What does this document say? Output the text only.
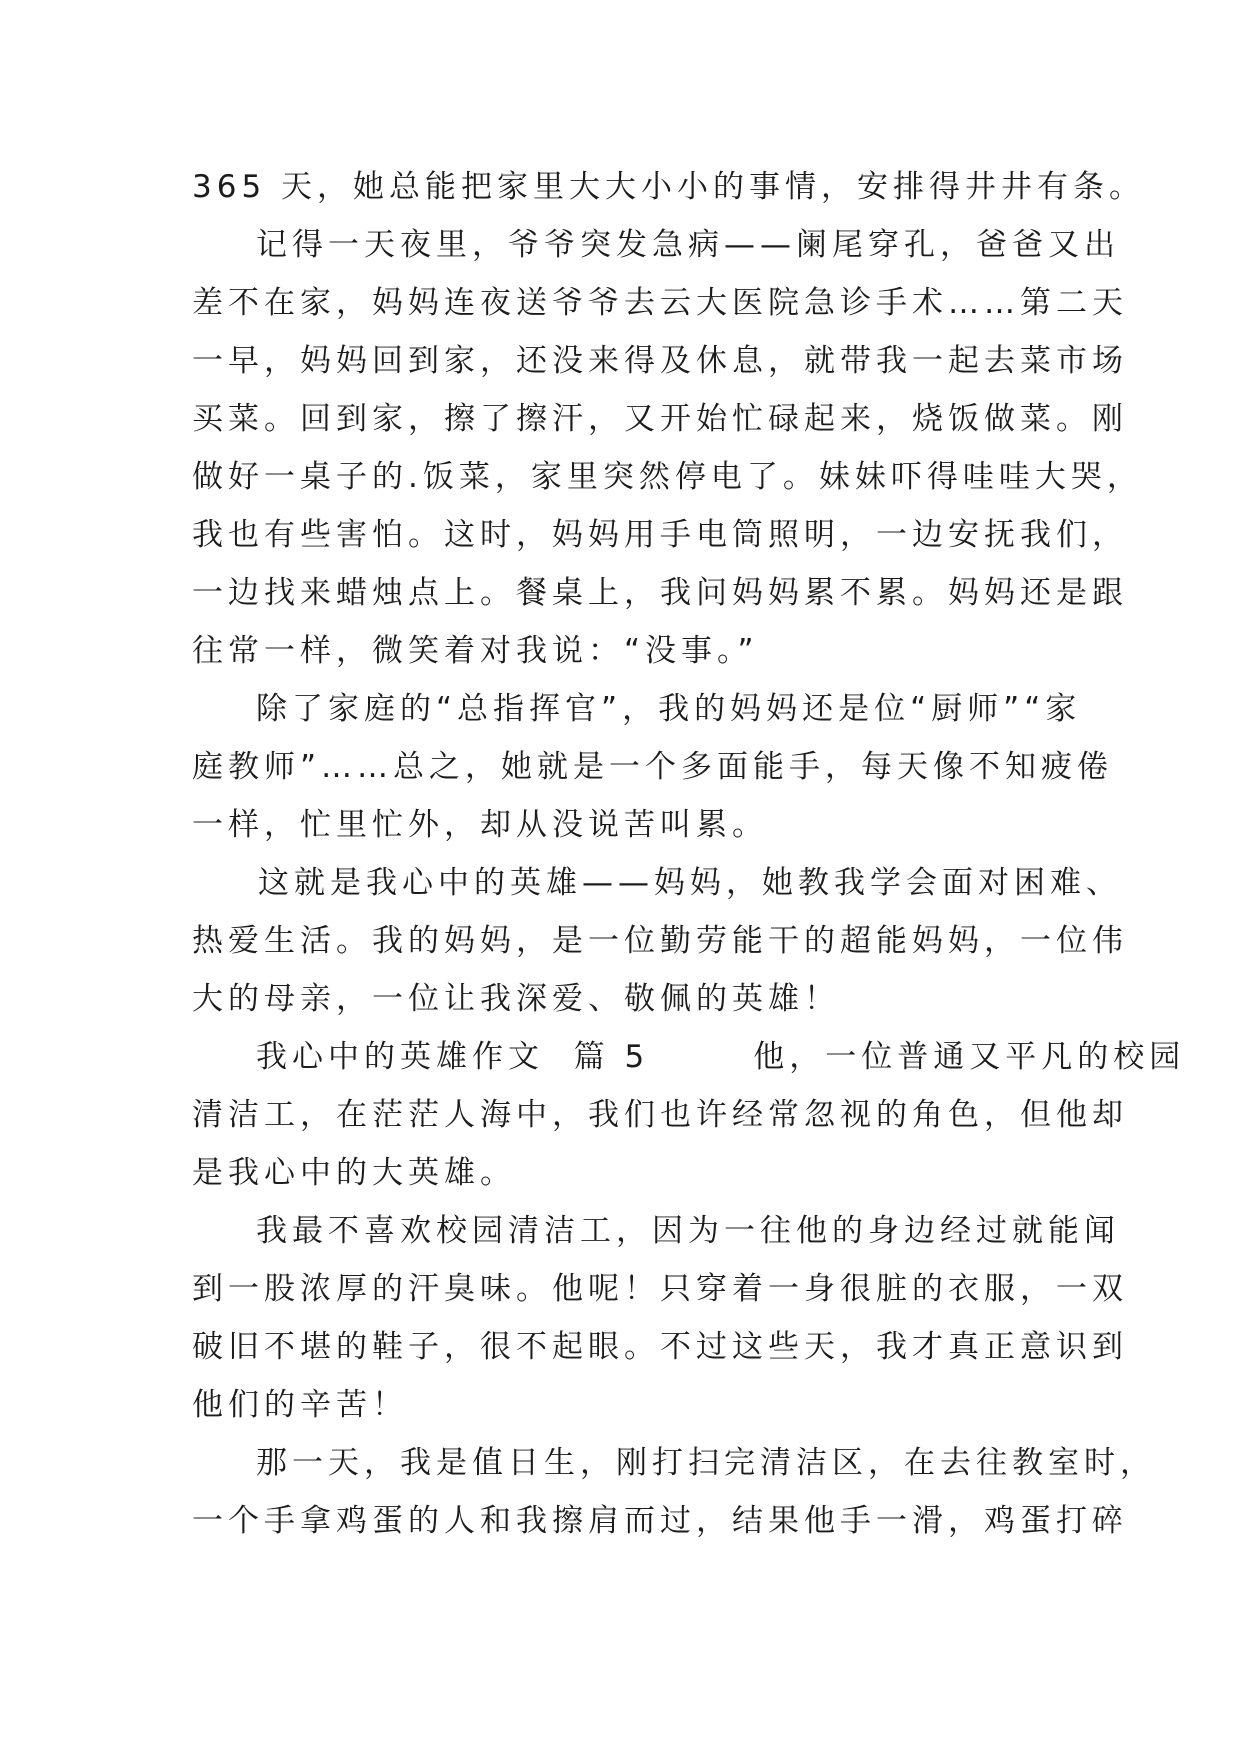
365 天，她总能把家里大大小小的事情，安排得井井有条。
记得一天夜里，爷爷突发急病——阑尾穿孔，爸爸又出
差不在家，妈妈连夜送爷爷去云大医院急诊手术……第二天
一早，妈妈回到家，还没来得及休息，就带我一起去菜市场
买菜。回到家，擦了擦汗，又开始忙碌起来，烧饭做菜。刚
做好一桌子的.饭菜，家里突然停电了。妹妹吓得哇哇大哭，
我也有些害怕。这时，妈妈用手电筒照明，一边安抚我们，
一边找来蜡烛点上。餐桌上，我问妈妈累不累。妈妈还是跟
往常一样，微笑着对我说：“没事。”
除了家庭的“总指挥官”，我的妈妈还是位“厨师”“家
庭教师”……总之，她就是一个多面能手，每天像不知疲倦
一样，忙里忙外，却从没说苦叫累。
这就是我心中的英雄——妈妈，她教我学会面对困难、
热爱生活。我的妈妈，是一位勤劳能干的超能妈妈，一位伟
大的母亲，一位让我深爱、敬佩的英雄！
我心中的英雄作文  篇 5       他，一位普通又平凡的校园
清洁工，在茫茫人海中，我们也许经常忽视的角色，但他却
是我心中的大英雄。
我最不喜欢校园清洁工，因为一往他的身边经过就能闻
到一股浓厚的汗臭味。他呢！只穿着一身很脏的衣服，一双
破旧不堪的鞋子，很不起眼。不过这些天，我才真正意识到
他们的辛苦！
那一天，我是值日生，刚打扫完清洁区，在去往教室时，
一个手拿鸡蛋的人和我擦肩而过，结果他手一滑，鸡蛋打碎
